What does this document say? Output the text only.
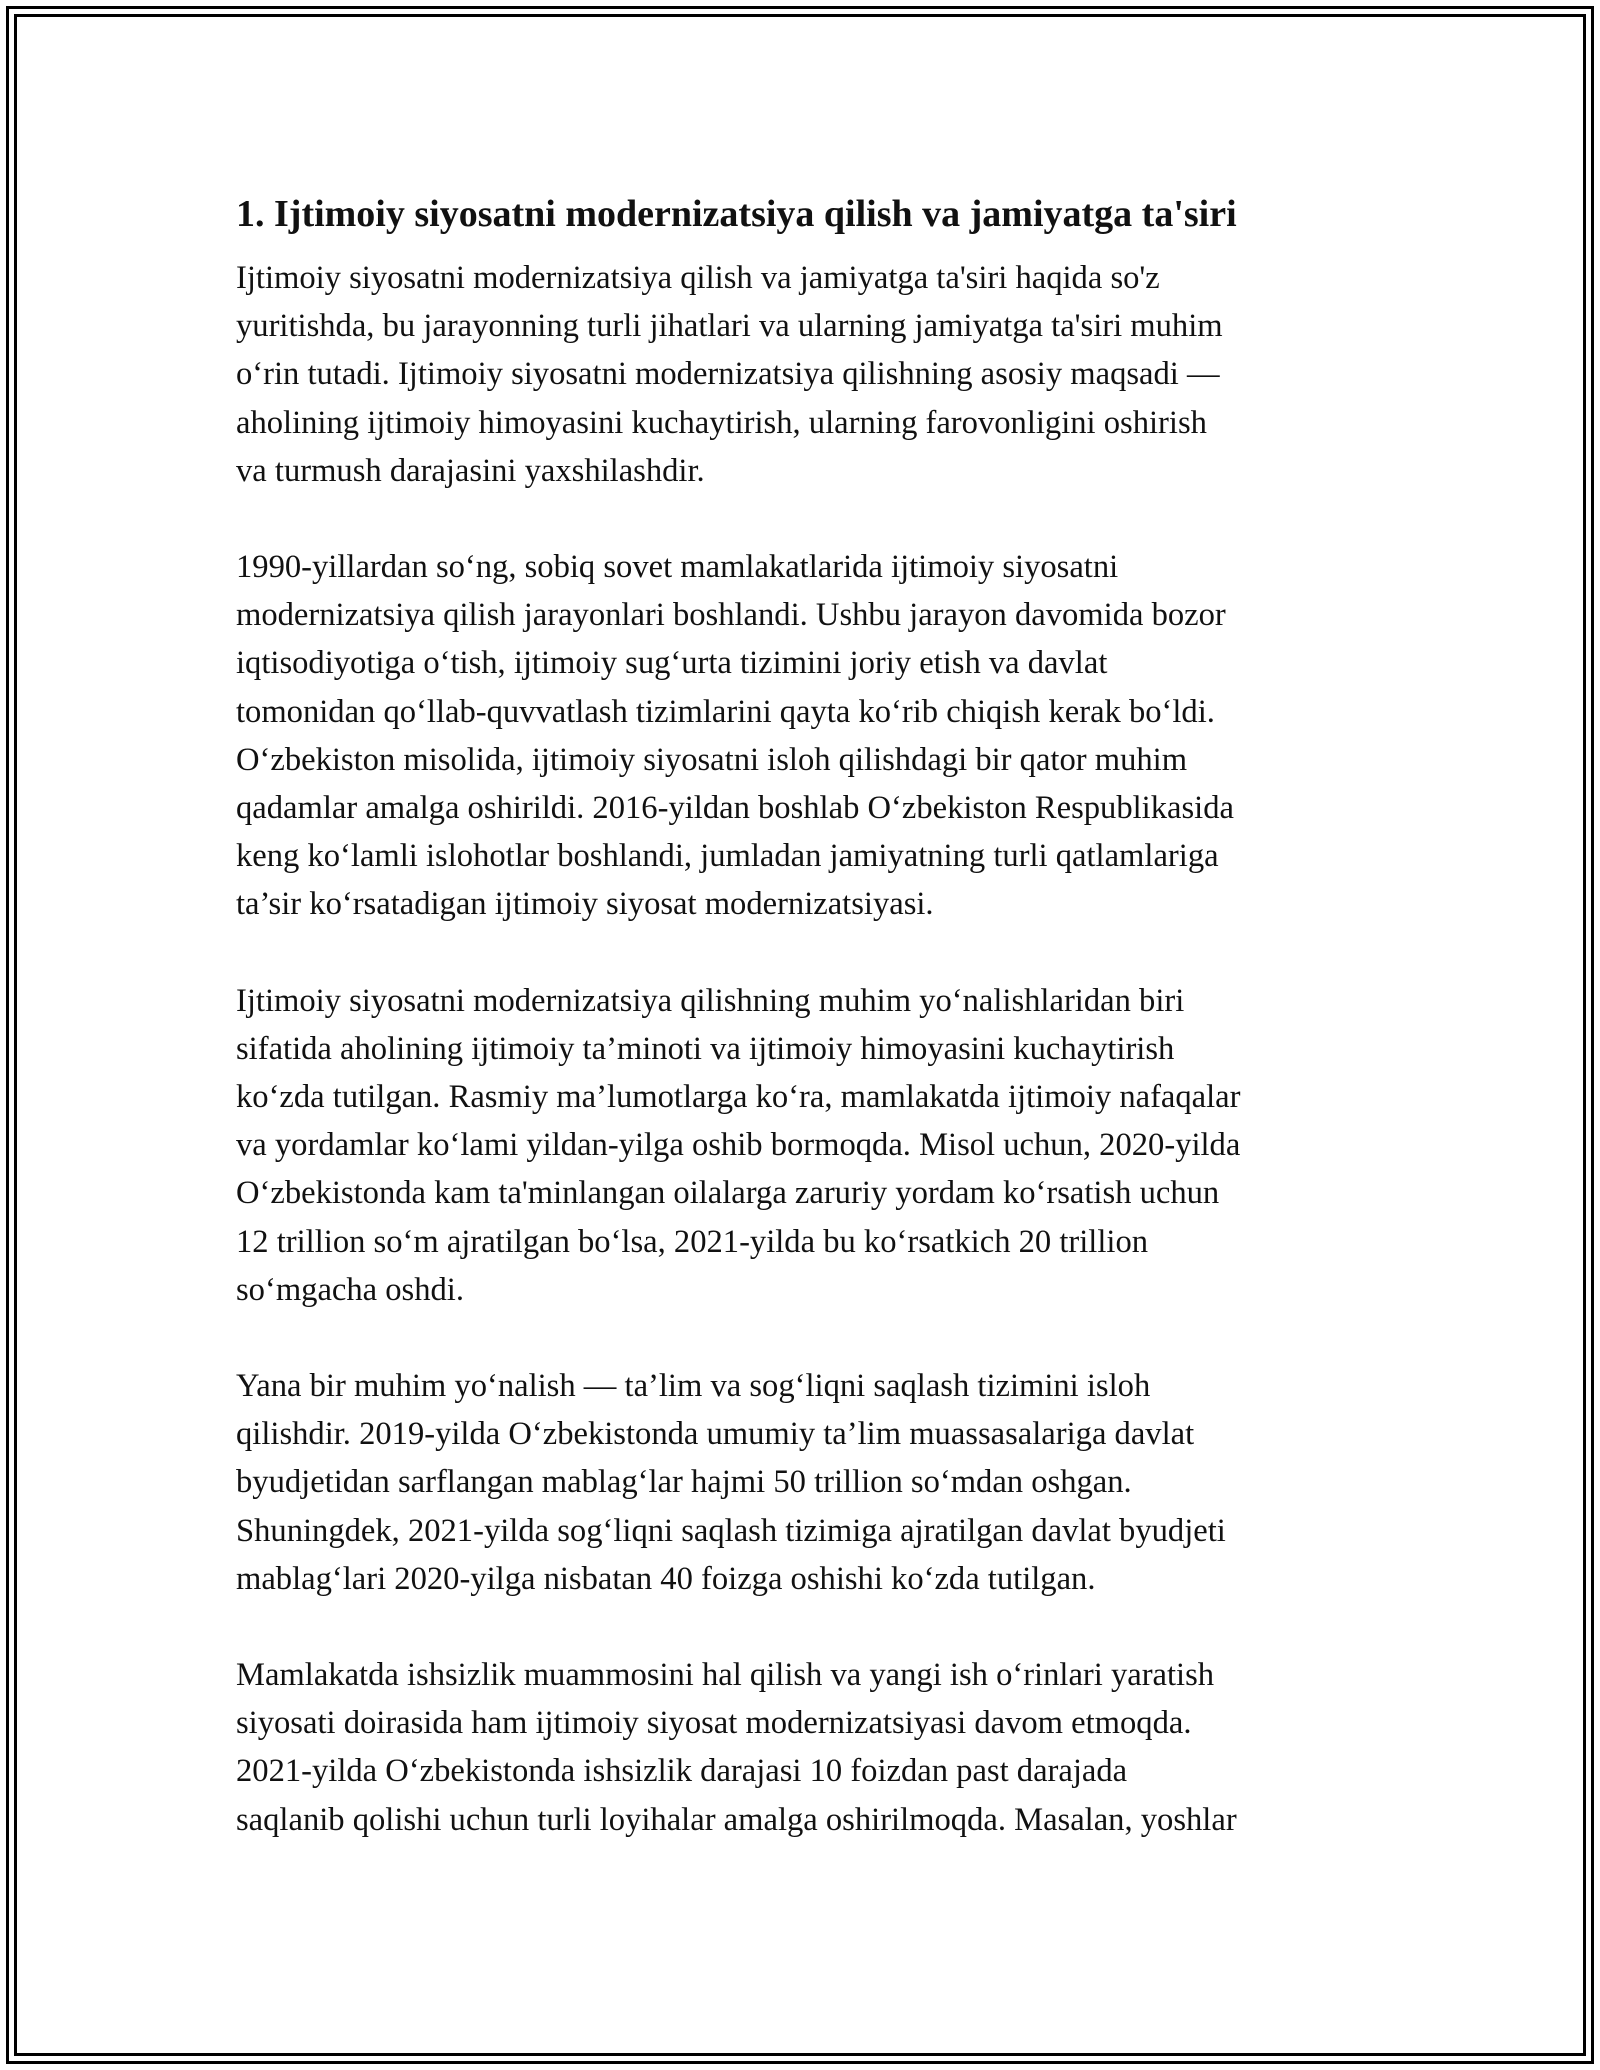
1. Ijtimoiy siyosatni modernizatsiya qilish va jamiyatga ta'siri

Ijtimoiy siyosatni modernizatsiya qilish va jamiyatga ta'siri haqida so'z
yuritishda, bu jarayonning turli jihatlari va ularning jamiyatga ta'siri muhim
o‘rin tutadi. Ijtimoiy siyosatni modernizatsiya qilishning asosiy maqsadi —
aholining ijtimoiy himoyasini kuchaytirish, ularning farovonligini oshirish
va turmush darajasini yaxshilashdir.

1990-yillardan so‘ng, sobiq sovet mamlakatlarida ijtimoiy siyosatni
modernizatsiya qilish jarayonlari boshlandi. Ushbu jarayon davomida bozor
iqtisodiyotiga o‘tish, ijtimoiy sug‘urta tizimini joriy etish va davlat
tomonidan qo‘llab-quvvatlash tizimlarini qayta ko‘rib chiqish kerak bo‘ldi.
O‘zbekiston misolida, ijtimoiy siyosatni isloh qilishdagi bir qator muhim
qadamlar amalga oshirildi. 2016-yildan boshlab O‘zbekiston Respublikasida
keng ko‘lamli islohotlar boshlandi, jumladan jamiyatning turli qatlamlariga
ta’sir ko‘rsatadigan ijtimoiy siyosat modernizatsiyasi.

Ijtimoiy siyosatni modernizatsiya qilishning muhim yo‘nalishlaridan biri
sifatida aholining ijtimoiy ta’minoti va ijtimoiy himoyasini kuchaytirish
ko‘zda tutilgan. Rasmiy ma’lumotlarga ko‘ra, mamlakatda ijtimoiy nafaqalar
va yordamlar ko‘lami yildan-yilga oshib bormoqda. Misol uchun, 2020-yilda
O‘zbekistonda kam ta'minlangan oilalarga zaruriy yordam ko‘rsatish uchun
12 trillion so‘m ajratilgan bo‘lsa, 2021-yilda bu ko‘rsatkich 20 trillion
so‘mgacha oshdi.

Yana bir muhim yo‘nalish — ta’lim va sog‘liqni saqlash tizimini isloh
qilishdir. 2019-yilda O‘zbekistonda umumiy ta’lim muassasalariga davlat
byudjetidan sarflangan mablag‘lar hajmi 50 trillion so‘mdan oshgan.
Shuningdek, 2021-yilda sog‘liqni saqlash tizimiga ajratilgan davlat byudjeti
mablag‘lari 2020-yilga nisbatan 40 foizga oshishi ko‘zda tutilgan.

Mamlakatda ishsizlik muammosini hal qilish va yangi ish o‘rinlari yaratish
siyosati doirasida ham ijtimoiy siyosat modernizatsiyasi davom etmoqda.
2021-yilda O‘zbekistonda ishsizlik darajasi 10 foizdan past darajada
saqlanib qolishi uchun turli loyihalar amalga oshirilmoqda. Masalan, yoshlar
